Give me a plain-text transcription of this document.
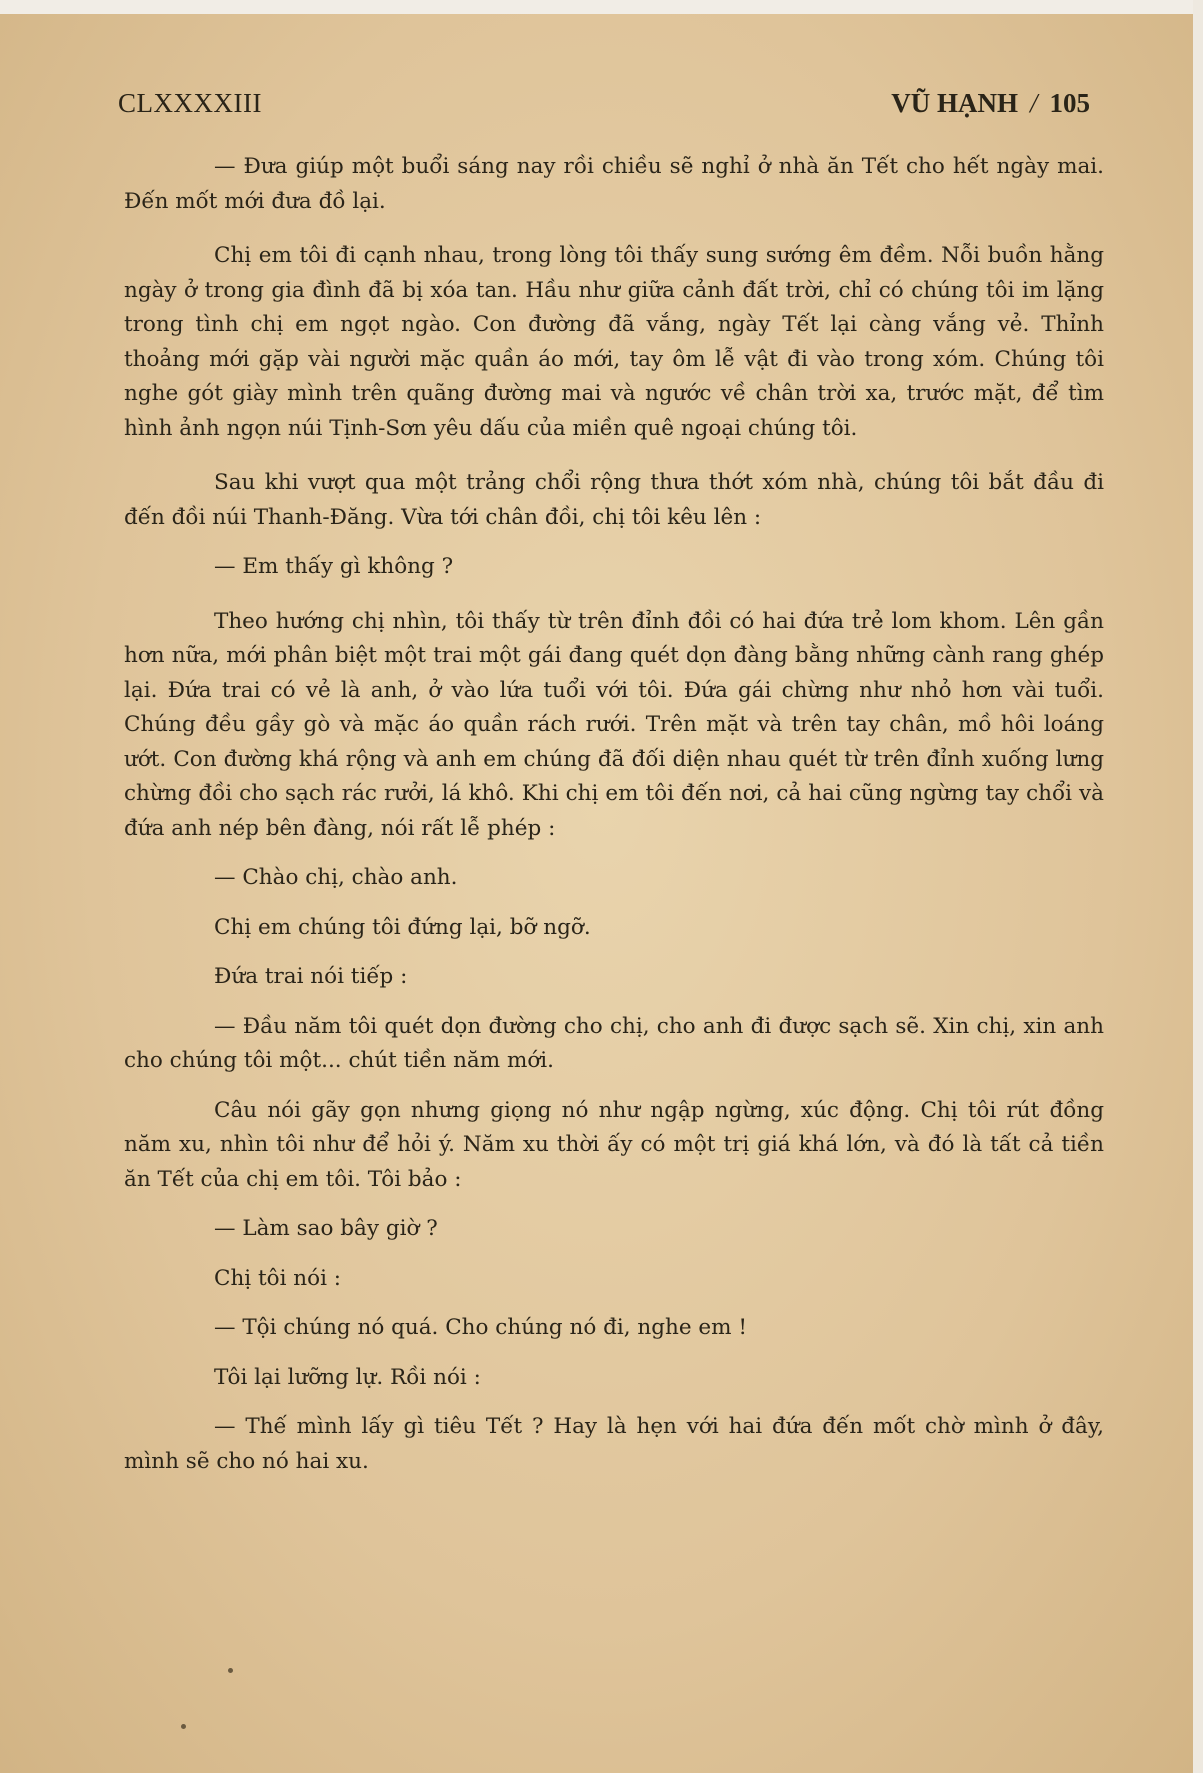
CLXXXXIII	VŨ HẠNH / 105

— Đưa giúp một buổi sáng nay rồi chiều sẽ nghỉ ở nhà ăn Tết cho hết ngày mai. Đến mốt mới đưa đồ lại.

Chị em tôi đi cạnh nhau, trong lòng tôi thấy sung sướng êm đềm. Nỗi buồn hằng ngày ở trong gia đình đã bị xóa tan. Hầu như giữa cảnh đất trời, chỉ có chúng tôi im lặng trong tình chị em ngọt ngào. Con đường đã vắng, ngày Tết lại càng vắng vẻ. Thỉnh thoảng mới gặp vài người mặc quần áo mới, tay ôm lễ vật đi vào trong xóm. Chúng tôi nghe gót giày mình trên quãng đường mai và ngước về chân trời xa, trước mặt, để tìm hình ảnh ngọn núi Tịnh-Sơn yêu dấu của miền quê ngoại chúng tôi.

Sau khi vượt qua một trảng chổi rộng thưa thớt xóm nhà, chúng tôi bắt đầu đi đến đồi núi Thanh-Đăng. Vừa tới chân đồi, chị tôi kêu lên :

— Em thấy gì không ?

Theo hướng chị nhìn, tôi thấy từ trên đỉnh đồi có hai đứa trẻ lom khom. Lên gần hơn nữa, mới phân biệt một trai một gái đang quét dọn đàng bằng những cành rang ghép lại. Đứa trai có vẻ là anh, ở vào lứa tuổi với tôi. Đứa gái chừng như nhỏ hơn vài tuổi. Chúng đều gầy gò và mặc áo quần rách rưới. Trên mặt và trên tay chân, mồ hôi loáng ướt. Con đường khá rộng và anh em chúng đã đối diện nhau quét từ trên đỉnh xuống lưng chừng đồi cho sạch rác rưởi, lá khô. Khi chị em tôi đến nơi, cả hai cũng ngừng tay chổi và đứa anh nép bên đàng, nói rất lễ phép :

— Chào chị, chào anh.

Chị em chúng tôi đứng lại, bỡ ngỡ.

Đứa trai nói tiếp :

— Đầu năm tôi quét dọn đường cho chị, cho anh đi được sạch sẽ. Xin chị, xin anh cho chúng tôi một... chút tiền năm mới.

Câu nói gãy gọn nhưng giọng nó như ngập ngừng, xúc động. Chị tôi rút đồng năm xu, nhìn tôi như để hỏi ý. Năm xu thời ấy có một trị giá khá lớn, và đó là tất cả tiền ăn Tết của chị em tôi. Tôi bảo :

— Làm sao bây giờ ?

Chị tôi nói :

— Tội chúng nó quá. Cho chúng nó đi, nghe em !

Tôi lại lưỡng lự. Rồi nói :

— Thế mình lấy gì tiêu Tết ? Hay là hẹn với hai đứa đến mốt chờ mình ở đây, mình sẽ cho nó hai xu.
